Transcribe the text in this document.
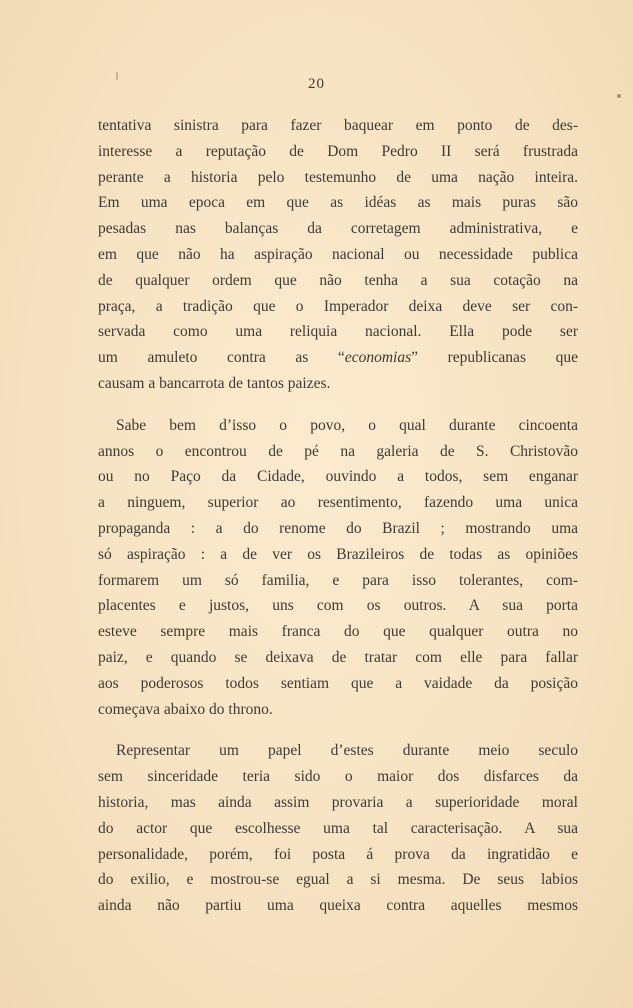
20
tentativa sinistra para fazer baquear em ponto de des-
interesse a reputação de Dom Pedro II será frustrada
perante a historia pelo testemunho de uma nação inteira.
Em uma epoca em que as idéas as mais puras são
pesadas nas balanças da corretagem administrativa, e
em que não ha aspiração nacional ou necessidade publica
de qualquer ordem que não tenha a sua cotação na
praça, a tradição que o Imperador deixa deve ser con-
servada como uma reliquia nacional. Ella pode ser
um amuleto contra as “economias” republicanas que
causam a bancarrota de tantos paizes.
Sabe bem d’isso o povo, o qual durante cincoenta
annos o encontrou de pé na galeria de S. Christovão
ou no Paço da Cidade, ouvindo a todos, sem enganar
a ninguem, superior ao resentimento, fazendo uma unica
propaganda : a do renome do Brazil ; mostrando uma
só aspiração : a de ver os Brazileiros de todas as opiniões
formarem um só familia, e para isso tolerantes, com-
placentes e justos, uns com os outros. A sua porta
esteve sempre mais franca do que qualquer outra no
paiz, e quando se deixava de tratar com elle para fallar
aos poderosos todos sentiam que a vaidade da posição
começava abaixo do throno.
Representar um papel d’estes durante meio seculo
sem sinceridade teria sido o maior dos disfarces da
historia, mas ainda assim provaria a superioridade moral
do actor que escolhesse uma tal caracterisação. A sua
personalidade, porém, foi posta á prova da ingratidão e
do exilio, e mostrou-se egual a si mesma. De seus labios
ainda não partiu uma queixa contra aquelles mesmos
